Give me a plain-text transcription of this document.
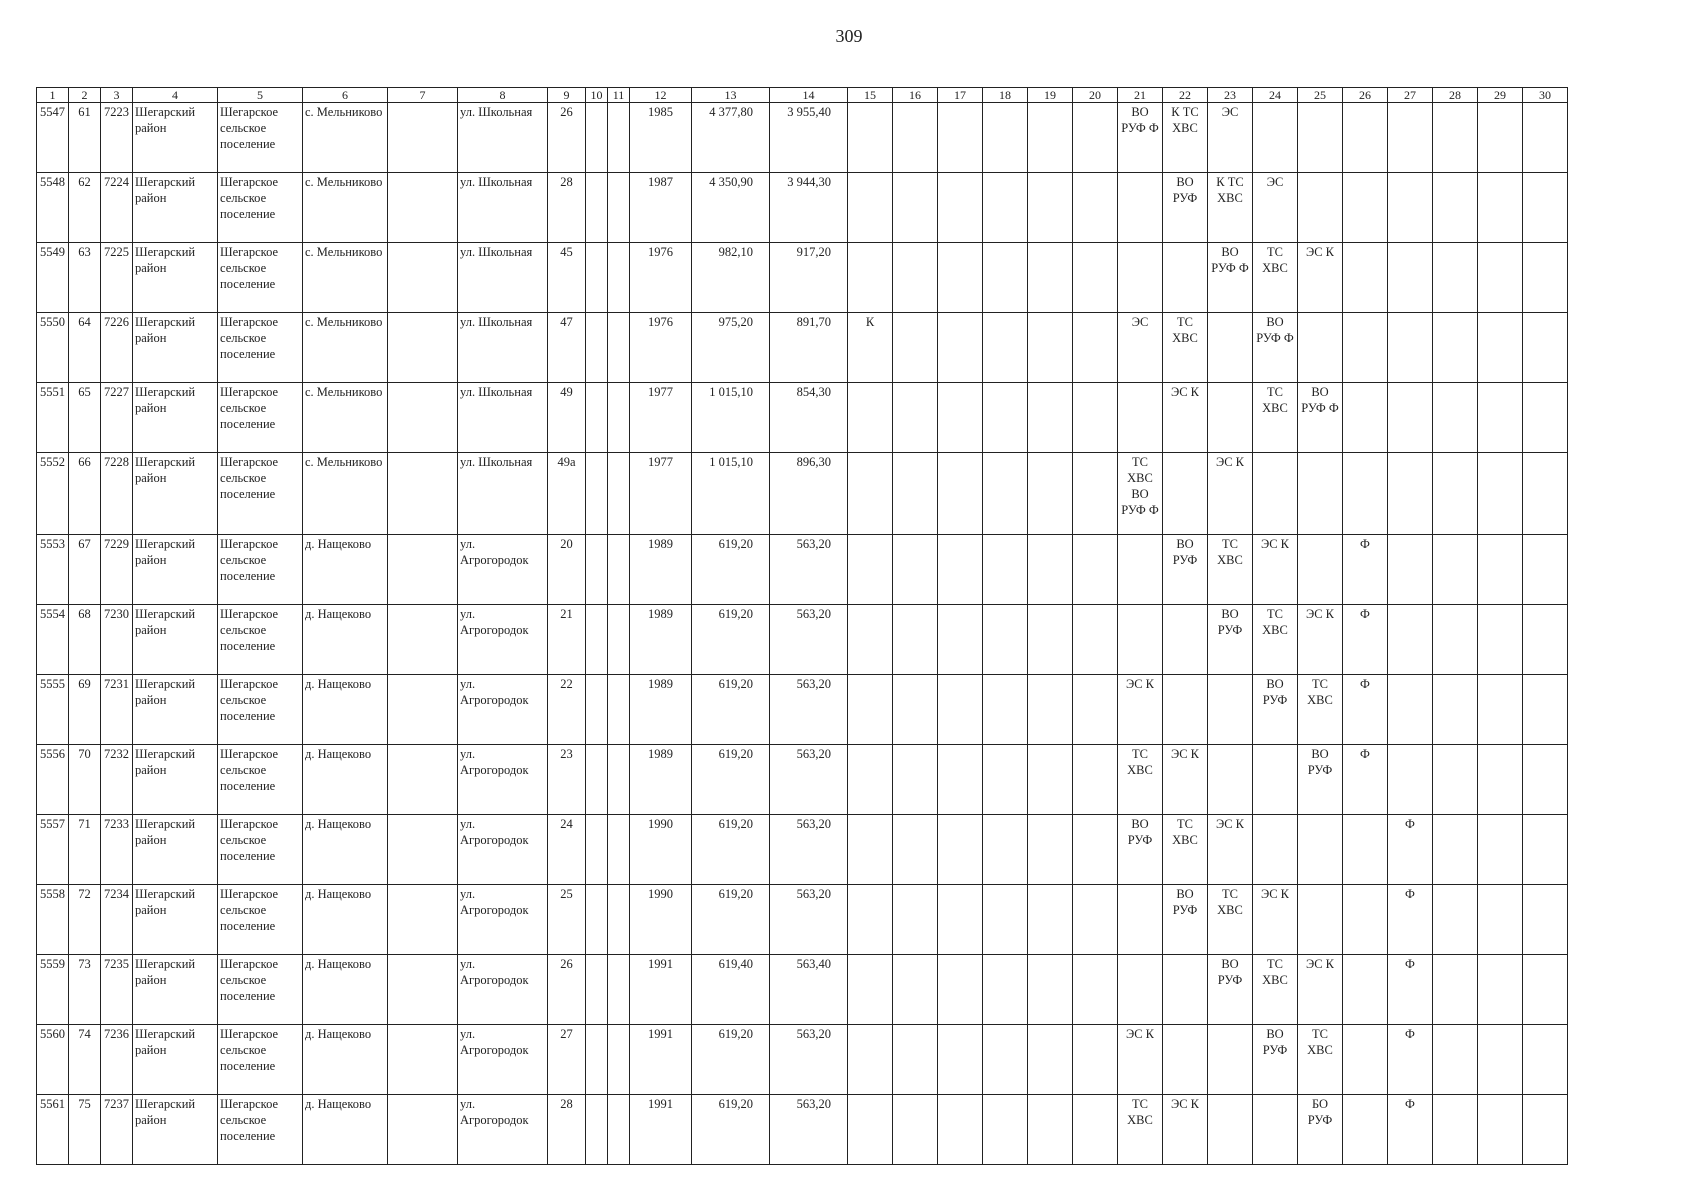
309
1	2	3	4	5	6	7	8	9	10	11	12	13	14	15	16	17	18	19	20	21	22	23	24	25	26	27	28	29	30
5547	61	7223	Шегарский
район	Шегарское
сельское
поселение	с. Мельниково		ул. Школьная	26			1985	4 377,80	3 955,40							ВО
РУФ Ф	К ТС
ХВС	ЭС							
5548	62	7224	Шегарский
район	Шегарское
сельское
поселение	с. Мельниково		ул. Школьная	28			1987	4 350,90	3 944,30								ВО
РУФ	К ТС
ХВС	ЭС						
5549	63	7225	Шегарский
район	Шегарское
сельское
поселение	с. Мельниково		ул. Школьная	45			1976	982,10	917,20									ВО
РУФ Ф	ТС
ХВС	ЭС К					
5550	64	7226	Шегарский
район	Шегарское
сельское
поселение	с. Мельниково		ул. Школьная	47			1976	975,20	891,70	К						ЭС	ТС
ХВС		ВО
РУФ Ф						
5551	65	7227	Шегарский
район	Шегарское
сельское
поселение	с. Мельниково		ул. Школьная	49			1977	1 015,10	854,30								ЭС К		ТС
ХВС	ВО
РУФ Ф					
5552	66	7228	Шегарский
район	Шегарское
сельское
поселение	с. Мельниково		ул. Школьная	49а			1977	1 015,10	896,30							ТС
ХВС
ВО
РУФ Ф		ЭС К							
5553	67	7229	Шегарский
район	Шегарское
сельское
поселение	д. Нащеково		ул. Агрогородок	20			1989	619,20	563,20								ВО
РУФ	ТС
ХВС	ЭС К		Ф				
5554	68	7230	Шегарский
район	Шегарское
сельское
поселение	д. Нащеково		ул. Агрогородок	21			1989	619,20	563,20									ВО
РУФ	ТС
ХВС	ЭС К	Ф				
5555	69	7231	Шегарский
район	Шегарское
сельское
поселение	д. Нащеково		ул. Агрогородок	22			1989	619,20	563,20							ЭС К			ВО
РУФ	ТС
ХВС	Ф				
5556	70	7232	Шегарский
район	Шегарское
сельское
поселение	д. Нащеково		ул. Агрогородок	23			1989	619,20	563,20							ТС
ХВС	ЭС К			ВО
РУФ	Ф				
5557	71	7233	Шегарский
район	Шегарское
сельское
поселение	д. Нащеково		ул. Агрогородок	24			1990	619,20	563,20							ВО
РУФ	ТС
ХВС	ЭС К				Ф			
5558	72	7234	Шегарский
район	Шегарское
сельское
поселение	д. Нащеково		ул. Агрогородок	25			1990	619,20	563,20								ВО
РУФ	ТС
ХВС	ЭС К			Ф			
5559	73	7235	Шегарский
район	Шегарское
сельское
поселение	д. Нащеково		ул. Агрогородок	26			1991	619,40	563,40									ВО
РУФ	ТС
ХВС	ЭС К		Ф			
5560	74	7236	Шегарский
район	Шегарское
сельское
поселение	д. Нащеково		ул. Агрогородок	27			1991	619,20	563,20							ЭС К			ВО
РУФ	ТС
ХВС		Ф			
5561	75	7237	Шегарский
район	Шегарское
сельское
поселение	д. Нащеково		ул. Агрогородок	28			1991	619,20	563,20							ТС
ХВС	ЭС К			БО
РУФ		Ф			
